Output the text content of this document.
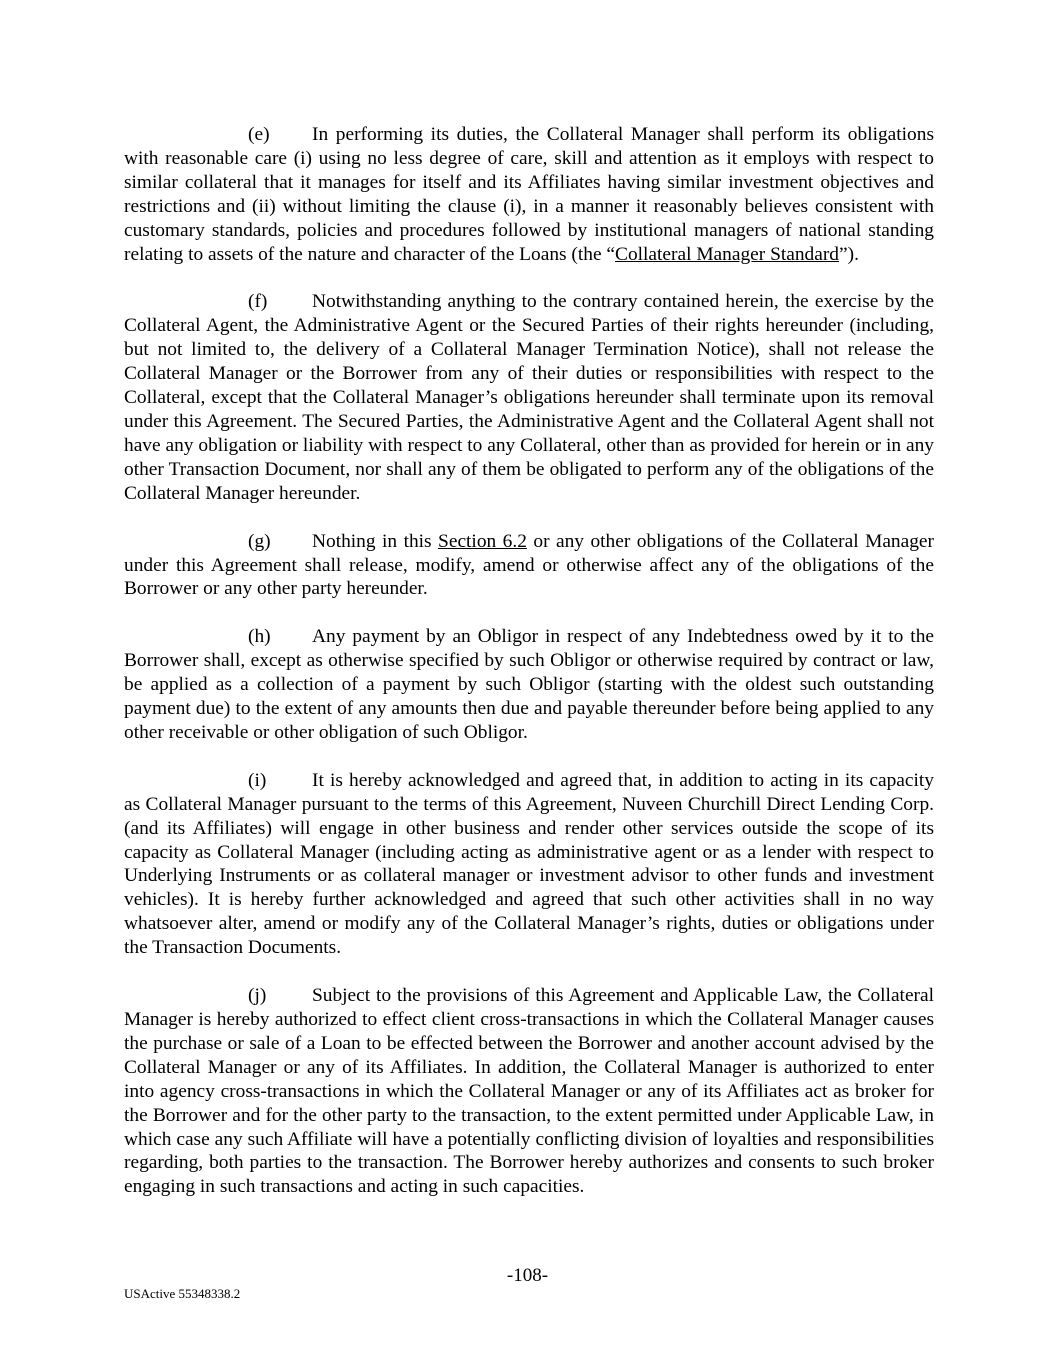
(e) In performing its duties, the Collateral Manager shall perform its obligations with reasonable care (i) using no less degree of care, skill and attention as it employs with respect to similar collateral that it manages for itself and its Affiliates having similar investment objectives and restrictions and (ii) without limiting the clause (i), in a manner it reasonably believes consistent with customary standards, policies and procedures followed by institutional managers of national standing relating to assets of the nature and character of the Loans (the “Collateral Manager Standard”).

(f) Notwithstanding anything to the contrary contained herein, the exercise by the Collateral Agent, the Administrative Agent or the Secured Parties of their rights hereunder (including, but not limited to, the delivery of a Collateral Manager Termination Notice), shall not release the Collateral Manager or the Borrower from any of their duties or responsibilities with respect to the Collateral, except that the Collateral Manager’s obligations hereunder shall terminate upon its removal under this Agreement. The Secured Parties, the Administrative Agent and the Collateral Agent shall not have any obligation or liability with respect to any Collateral, other than as provided for herein or in any other Transaction Document, nor shall any of them be obligated to perform any of the obligations of the Collateral Manager hereunder.

(g) Nothing in this Section 6.2 or any other obligations of the Collateral Manager under this Agreement shall release, modify, amend or otherwise affect any of the obligations of the Borrower or any other party hereunder.

(h) Any payment by an Obligor in respect of any Indebtedness owed by it to the Borrower shall, except as otherwise specified by such Obligor or otherwise required by contract or law, be applied as a collection of a payment by such Obligor (starting with the oldest such outstanding payment due) to the extent of any amounts then due and payable thereunder before being applied to any other receivable or other obligation of such Obligor.

(i) It is hereby acknowledged and agreed that, in addition to acting in its capacity as Collateral Manager pursuant to the terms of this Agreement, Nuveen Churchill Direct Lending Corp. (and its Affiliates) will engage in other business and render other services outside the scope of its capacity as Collateral Manager (including acting as administrative agent or as a lender with respect to Underlying Instruments or as collateral manager or investment advisor to other funds and investment vehicles). It is hereby further acknowledged and agreed that such other activities shall in no way whatsoever alter, amend or modify any of the Collateral Manager’s rights, duties or obligations under the Transaction Documents.

(j) Subject to the provisions of this Agreement and Applicable Law, the Collateral Manager is hereby authorized to effect client cross-transactions in which the Collateral Manager causes the purchase or sale of a Loan to be effected between the Borrower and another account advised by the Collateral Manager or any of its Affiliates. In addition, the Collateral Manager is authorized to enter into agency cross-transactions in which the Collateral Manager or any of its Affiliates act as broker for the Borrower and for the other party to the transaction, to the extent permitted under Applicable Law, in which case any such Affiliate will have a potentially conflicting division of loyalties and responsibilities regarding, both parties to the transaction. The Borrower hereby authorizes and consents to such broker engaging in such transactions and acting in such capacities.

-108-
USActive 55348338.2
